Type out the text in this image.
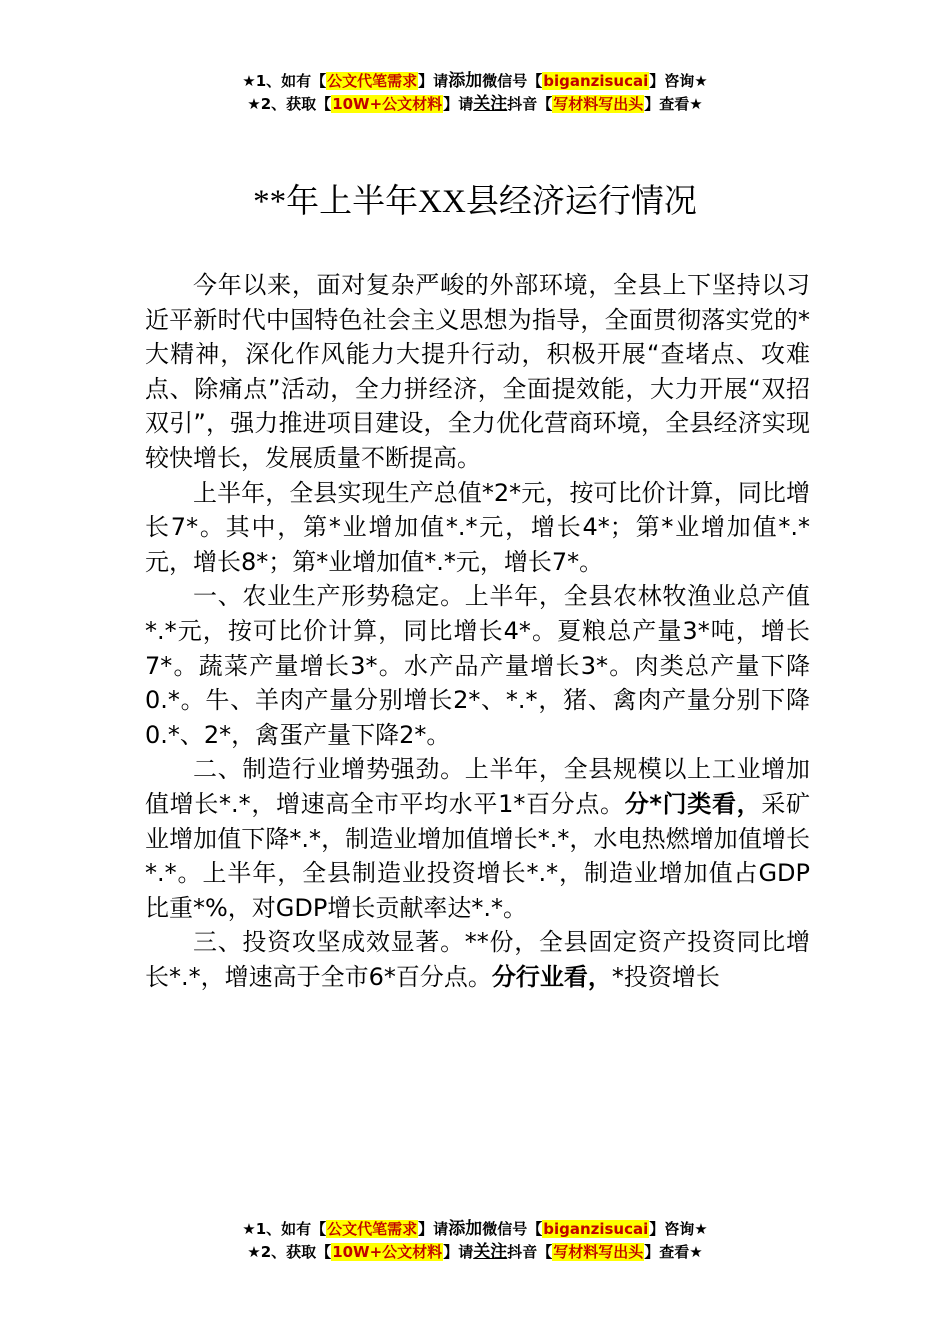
★1、如有【公文代笔需求】请添加微信号【biganzisucai】咨询★
★2、获取【10W+公文材料】请关注抖音【写材料写出头】查看★
**年上半年XX县经济运行情况

今年以来，面对复杂严峻的外部环境，全县上下坚持以习近平新时代中国特色社会主义思想为指导，全面贯彻落实党的*大精神，深化作风能力大提升行动，积极开展“查堵点、攻难点、除痛点”活动，全力拼经济，全面提效能，大力开展“双招双引”，强力推进项目建设，全力优化营商环境，全县经济实现较快增长，发展质量不断提高。

上半年，全县实现生产总值*2*元，按可比价计算，同比增长7*。其中，第*业增加值*.*元，增长4*；第*业增加值*.*元，增长8*；第*业增加值*.*元，增长7*。

一、农业生产形势稳定。上半年，全县农林牧渔业总产值*.*元，按可比价计算，同比增长4*。夏粮总产量3*吨，增长7*。蔬菜产量增长3*。水产品产量增长3*。肉类总产量下降0.*。牛、羊肉产量分别增长2*、*.*，猪、禽肉产量分别下降0.*、2*，禽蛋产量下降2*。

二、制造行业增势强劲。上半年，全县规模以上工业增加值增长*.*，增速高全市平均水平1*百分点。分*门类看，采矿业增加值下降*.*，制造业增加值增长*.*，水电热燃增加值增长*.*。上半年，全县制造业投资增长*.*，制造业增加值占GDP比重*%，对GDP增长贡献率达*.*。

三、投资攻坚成效显著。**份，全县固定资产投资同比增长*.*，增速高于全市6*百分点。分行业看，*投资增长

★1、如有【公文代笔需求】请添加微信号【biganzisucai】咨询★
★2、获取【10W+公文材料】请关注抖音【写材料写出头】查看★
